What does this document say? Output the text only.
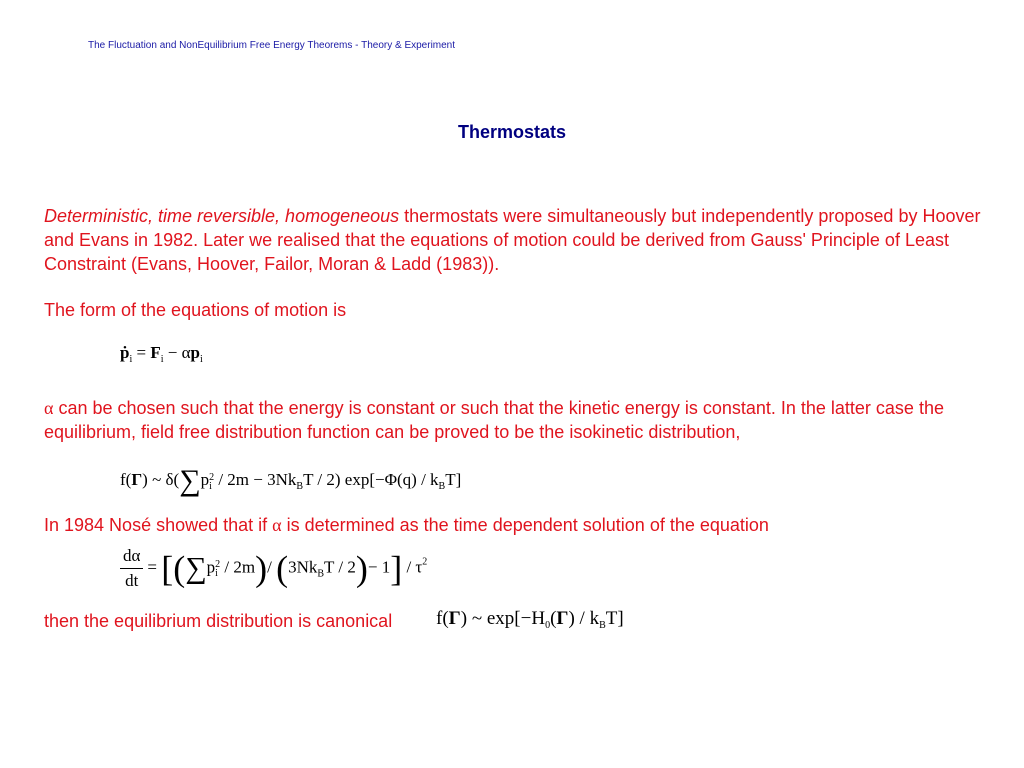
The Fluctuation and NonEquilibrium Free Energy Theorems - Theory & Experiment
Thermostats
Deterministic, time reversible, homogeneous thermostats were simultaneously but independently proposed by Hoover and Evans in 1982. Later we realised that the equations of motion could be derived from Gauss' Principle of Least Constraint (Evans, Hoover, Failor, Moran & Ladd (1983)).
The form of the equations of motion is
$ṗ_i = F_i - \alpha p_i$
α can be chosen such that the energy is constant or such that the kinetic energy is constant. In the latter case the equilibrium, field free distribution function can be proved to be the isokinetic distribution,
f(Γ) ~ δ(∑p2
$i / 2m - 3Nk_BT / 2$) $\exp[-\Phi(q) / k_BT]$
In 1984 Nosé showed that if α is determined as the time dependent solution of the equation
$\frac{d\alpha}{dt} = [(\sum p2$
i / 2m)/ $(3Nk_BT / 2)- 1] / \tau^2$
then the equilibrium distribution is canonical f(Γ) ~ $\exp[-H_0(\Gamma) / k_BT]$
